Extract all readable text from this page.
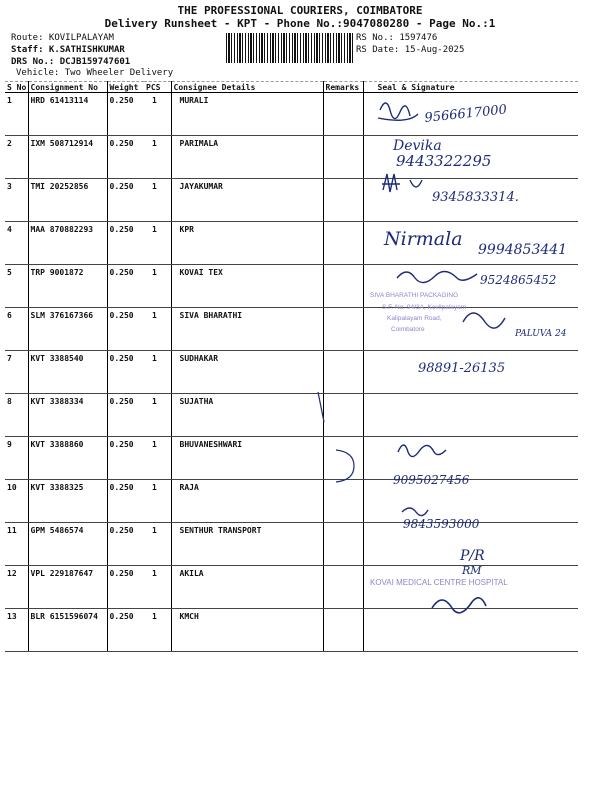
THE PROFESSIONAL COURIERS, COIMBATORE
Delivery Runsheet - KPT - Phone No.:9047080280 - Page No.:1
Route: KOVILPALAYAM
Staff: K.SATHISHKUMAR
DRS No.: DCJB159747601
Vehicle: Two Wheeler Delivery
RS No.: 1597476
RS Date: 15-Aug-2025
S No	Consignment No	Weight	PCS	Consignee Details	Remarks	Seal & Signature
1	HRD 61413114	0.250	1	MURALI		
2	IXM 508712914	0.250	1	PARIMALA		
3	TMI 20252856	0.250	1	JAYAKUMAR		
4	MAA 870882293	0.250	1	KPR		
5	TRP 9001872	0.250	1	KOVAI TEX		
6	SLM 376167366	0.250	1	SIVA BHARATHI		
7	KVT 3388540	0.250	1	SUDHAKAR		
8	KVT 3388334	0.250	1	SUJATHA		
9	KVT 3388860	0.250	1	BHUVANESHWARI		
10	KVT 3388325	0.250	1	RAJA		
11	GPM 5486574	0.250	1	SENTHUR TRANSPORT		
12	VPL 229187647	0.250	1	AKILA		
13	BLR 6151596074	0.250	1	KMCH		
9566617000
Devika
9443322295
9345833314.
Nirmala 9994853441
9524865452
SIVA BHARATHI PACKAGING
S.F. No. 94/3A, Kovilpalayam
Kalipalayam Road,
Coimbatore	PALUVA 24
98891-26135
9095027456
9843593000
P/R
RM
KOVAI MEDICAL CENTRE HOSPITAL
